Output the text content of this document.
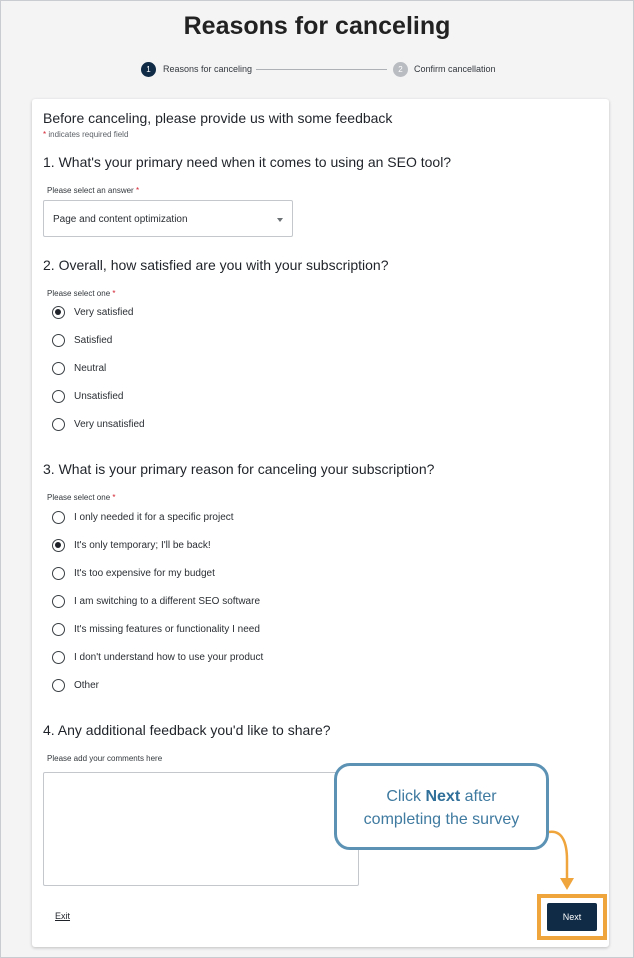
Reasons for canceling
1	Reasons for canceling	2	Confirm cancellation
Before canceling, please provide us with some feedback
* indicates required field
1. What's your primary need when it comes to using an SEO tool?
Please select an answer *
Page and content optimization
2. Overall, how satisfied are you with your subscription?
Please select one *
Very satisfied
Satisfied
Neutral
Unsatisfied
Very unsatisfied
3. What is your primary reason for canceling your subscription?
Please select one *
I only needed it for a specific project
It's only temporary; I'll be back!
It's too expensive for my budget
I am switching to a different SEO software
It's missing features or functionality I need
I don't understand how to use your product
Other
4. Any additional feedback you'd like to share?
Please add your comments here
Exit	Next
Click Next after
completing the survey
